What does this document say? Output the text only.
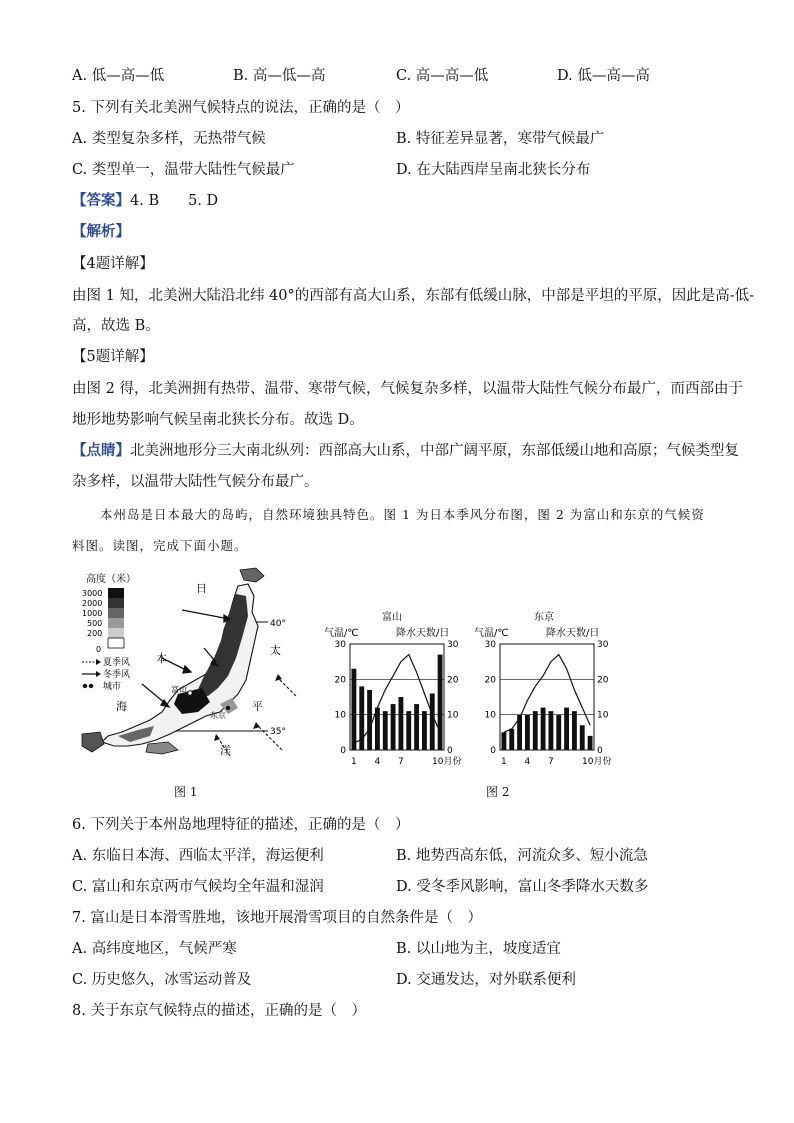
A. 低—高—低	B. 高—低—高	C. 高—高—低	D. 低—高—高
5. 下列有关北美洲气候特点的说法，正确的是（　）
A. 类型复杂多样，无热带气候	B. 特征差异显著，寒带气候最广
C. 类型单一，温带大陆性气候最广	D. 在大陆西岸呈南北狭长分布
【答案】4. B　　5. D
【解析】
【4题详解】
由图 1 知，北美洲大陆沿北纬 40°的西部有高大山系，东部有低缓山脉，中部是平坦的平原，因此是高-低-
高，故选 B。
【5题详解】
由图 2 得，北美洲拥有热带、温带、寒带气候，气候复杂多样，以温带大陆性气候分布最广，而西部由于
地形地势影响气候呈南北狭长分布。故选 D。
【点睛】北美洲地形分三大南北纵列：西部高大山系，中部广阔平原，东部低缓山地和高原；气候类型复
杂多样，以温带大陆性气候分布最广。
本州岛是日本最大的岛屿，自然环境独具特色。图 1 为日本季风分布图，图 2 为富山和东京的气候资
料图。读图，完成下面小题。
高度（米）
3000
2000
1000
500
200
0
夏季风
冬季风
城市
40°
35°
富山
东京
日
本
海
太
平
洋
图 1
富山
气温/℃	降水天数/日
0	0
10	10
20	20
30	30
1 4 7	10月份
东京
气温/℃	降水天数/日
0	0
10	10
20	20
30	30
1 4 7	10月份
图 2
6. 下列关于本州岛地理特征的描述，正确的是（　）
A. 东临日本海、西临太平洋，海运便利	B. 地势西高东低，河流众多、短小流急
C. 富山和东京两市气候均全年温和湿润	D. 受冬季风影响，富山冬季降水天数多
7. 富山是日本滑雪胜地，该地开展滑雪项目的自然条件是（　）
A. 高纬度地区，气候严寒	B. 以山地为主，坡度适宜
C. 历史悠久，冰雪运动普及	D. 交通发达，对外联系便利
8. 关于东京气候特点的描述，正确的是（　）
